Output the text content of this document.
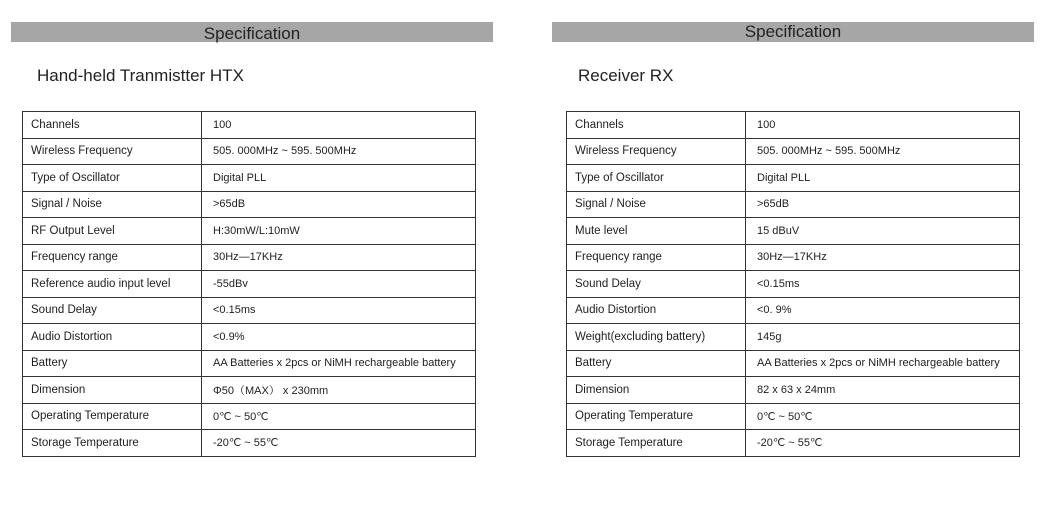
Specification
Hand-held Tranmistter HTX
Channels	100
Wireless Frequency	505. 000MHz ~ 595. 500MHz
Type of Oscillator	Digital PLL
Signal / Noise	>65dB
RF Output Level	H:30mW/L:10mW
Frequency range	30Hz—17KHz
Reference audio input level	-55dBv
Sound Delay	<0.15ms
Audio Distortion	<0.9%
Battery	AA Batteries x 2pcs or NiMH rechargeable battery
Dimension	Φ50（MAX） x 230mm
Operating Temperature	0℃ ~ 50℃
Storage Temperature	-20℃ ~ 55℃
Specification
Receiver RX
Channels	100
Wireless Frequency	505. 000MHz ~ 595. 500MHz
Type of Oscillator	Digital PLL
Signal / Noise	>65dB
Mute level	15 dBuV
Frequency range	30Hz—17KHz
Sound Delay	<0.15ms
Audio Distortion	<0. 9%
Weight(excluding battery)	145g
Battery	AA Batteries x 2pcs or NiMH rechargeable battery
Dimension	82 x 63 x 24mm
Operating Temperature	0℃ ~ 50℃
Storage Temperature	-20℃ ~ 55℃
